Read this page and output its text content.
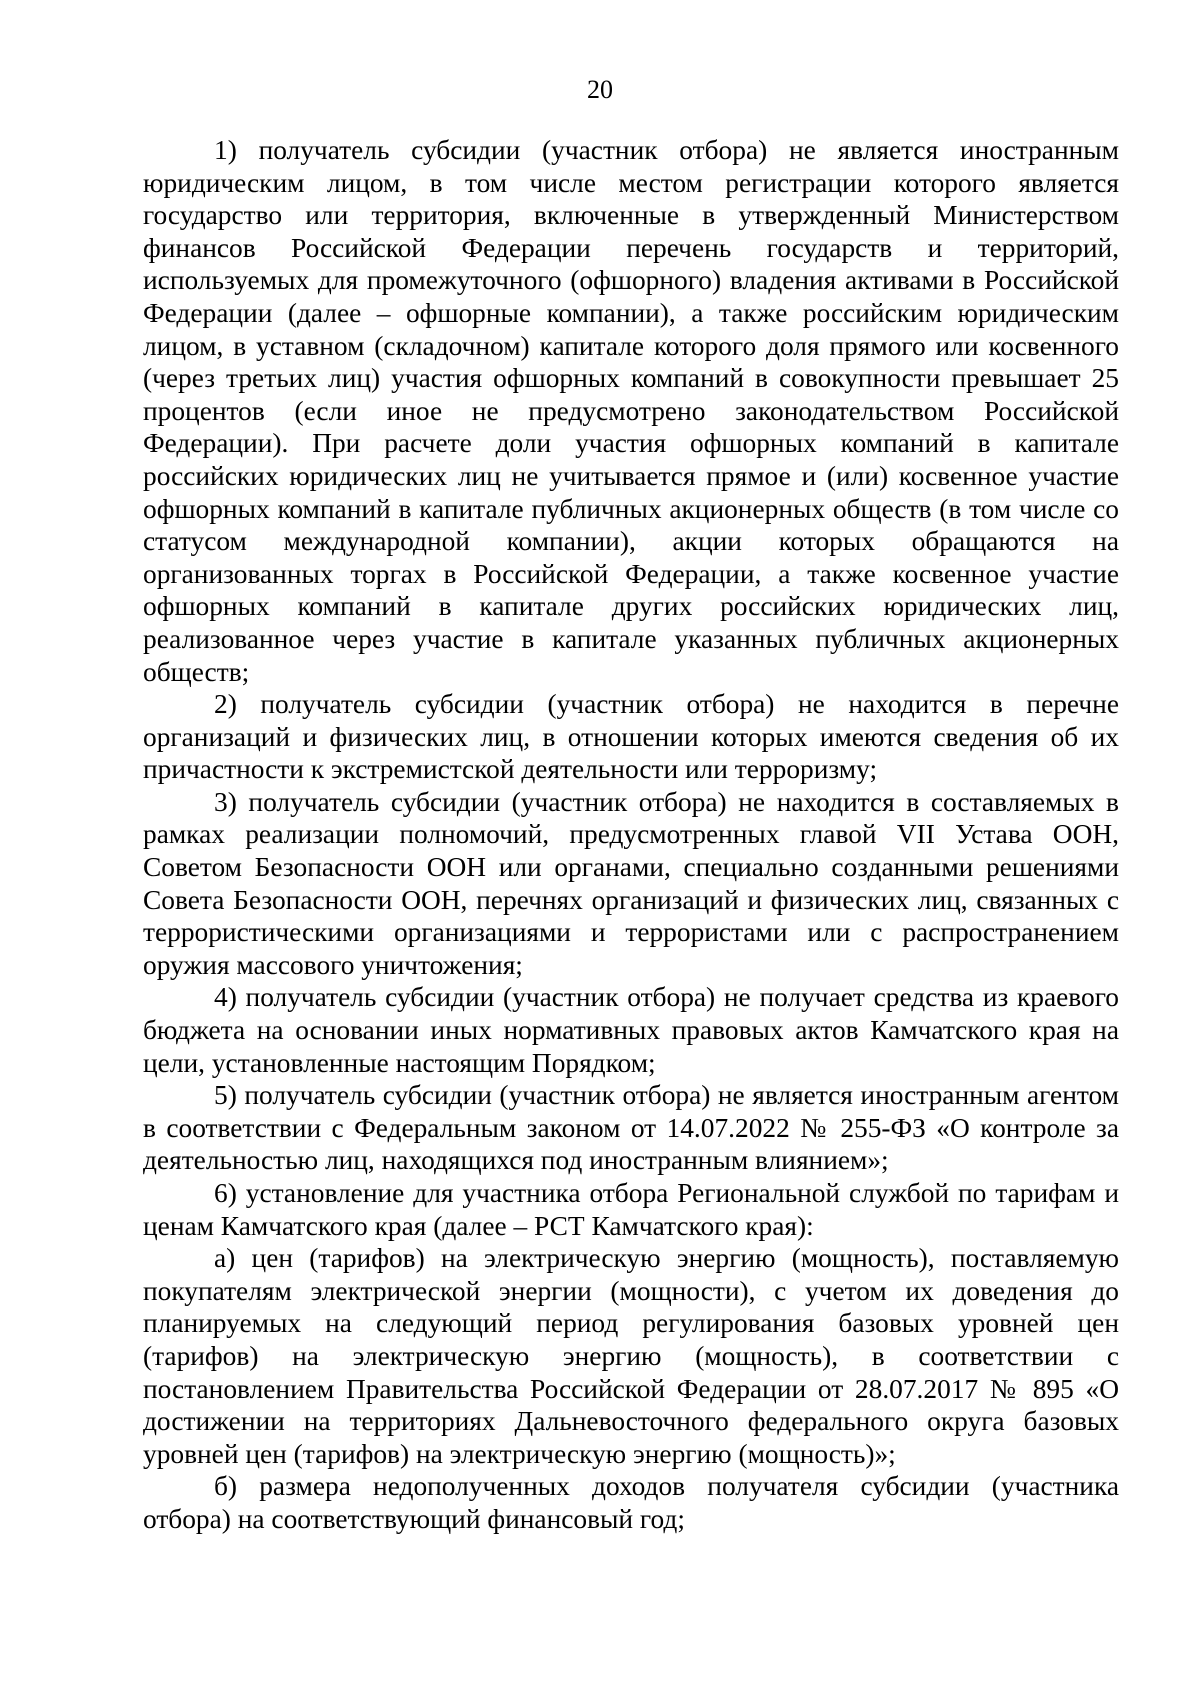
20

1) получатель субсидии (участник отбора) не является иностранным юридическим лицом, в том числе местом регистрации которого является государство или территория, включенные в утвержденный Министерством финансов Российской Федерации перечень государств и территорий, используемых для промежуточного (офшорного) владения активами в Российской Федерации (далее – офшорные компании), а также российским юридическим лицом, в уставном (складочном) капитале которого доля прямого или косвенного (через третьих лиц) участия офшорных компаний в совокупности превышает 25 процентов (если иное не предусмотрено законодательством Российской Федерации). При расчете доли участия офшорных компаний в капитале российских юридических лиц не учитывается прямое и (или) косвенное участие офшорных компаний в капитале публичных акционерных обществ (в том числе со статусом международной компании), акции которых обращаются на организованных торгах в Российской Федерации, а также косвенное участие офшорных компаний в капитале других российских юридических лиц, реализованное через участие в капитале указанных публичных акционерных обществ;

2) получатель субсидии (участник отбора) не находится в перечне организаций и физических лиц, в отношении которых имеются сведения об их причастности к экстремистской деятельности или терроризму;

3) получатель субсидии (участник отбора) не находится в составляемых в рамках реализации полномочий, предусмотренных главой VII Устава ООН, Советом Безопасности ООН или органами, специально созданными решениями Совета Безопасности ООН, перечнях организаций и физических лиц, связанных с террористическими организациями и террористами или с распространением оружия массового уничтожения;

4) получатель субсидии (участник отбора) не получает средства из краевого бюджета на основании иных нормативных правовых актов Камчатского края на цели, установленные настоящим Порядком;

5) получатель субсидии (участник отбора) не является иностранным агентом в соответствии с Федеральным законом от 14.07.2022 № 255-ФЗ «О контроле за деятельностью лиц, находящихся под иностранным влиянием»;

6) установление для участника отбора Региональной службой по тарифам и ценам Камчатского края (далее – РСТ Камчатского края):

а) цен (тарифов) на электрическую энергию (мощность), поставляемую покупателям электрической энергии (мощности), с учетом их доведения до планируемых на следующий период регулирования базовых уровней цен (тарифов) на электрическую энергию (мощность), в соответствии с постановлением Правительства Российской Федерации от 28.07.2017 № 895 «О достижении на территориях Дальневосточного федерального округа базовых уровней цен (тарифов) на электрическую энергию (мощность)»;

б) размера недополученных доходов получателя субсидии (участника отбора) на соответствующий финансовый год;
